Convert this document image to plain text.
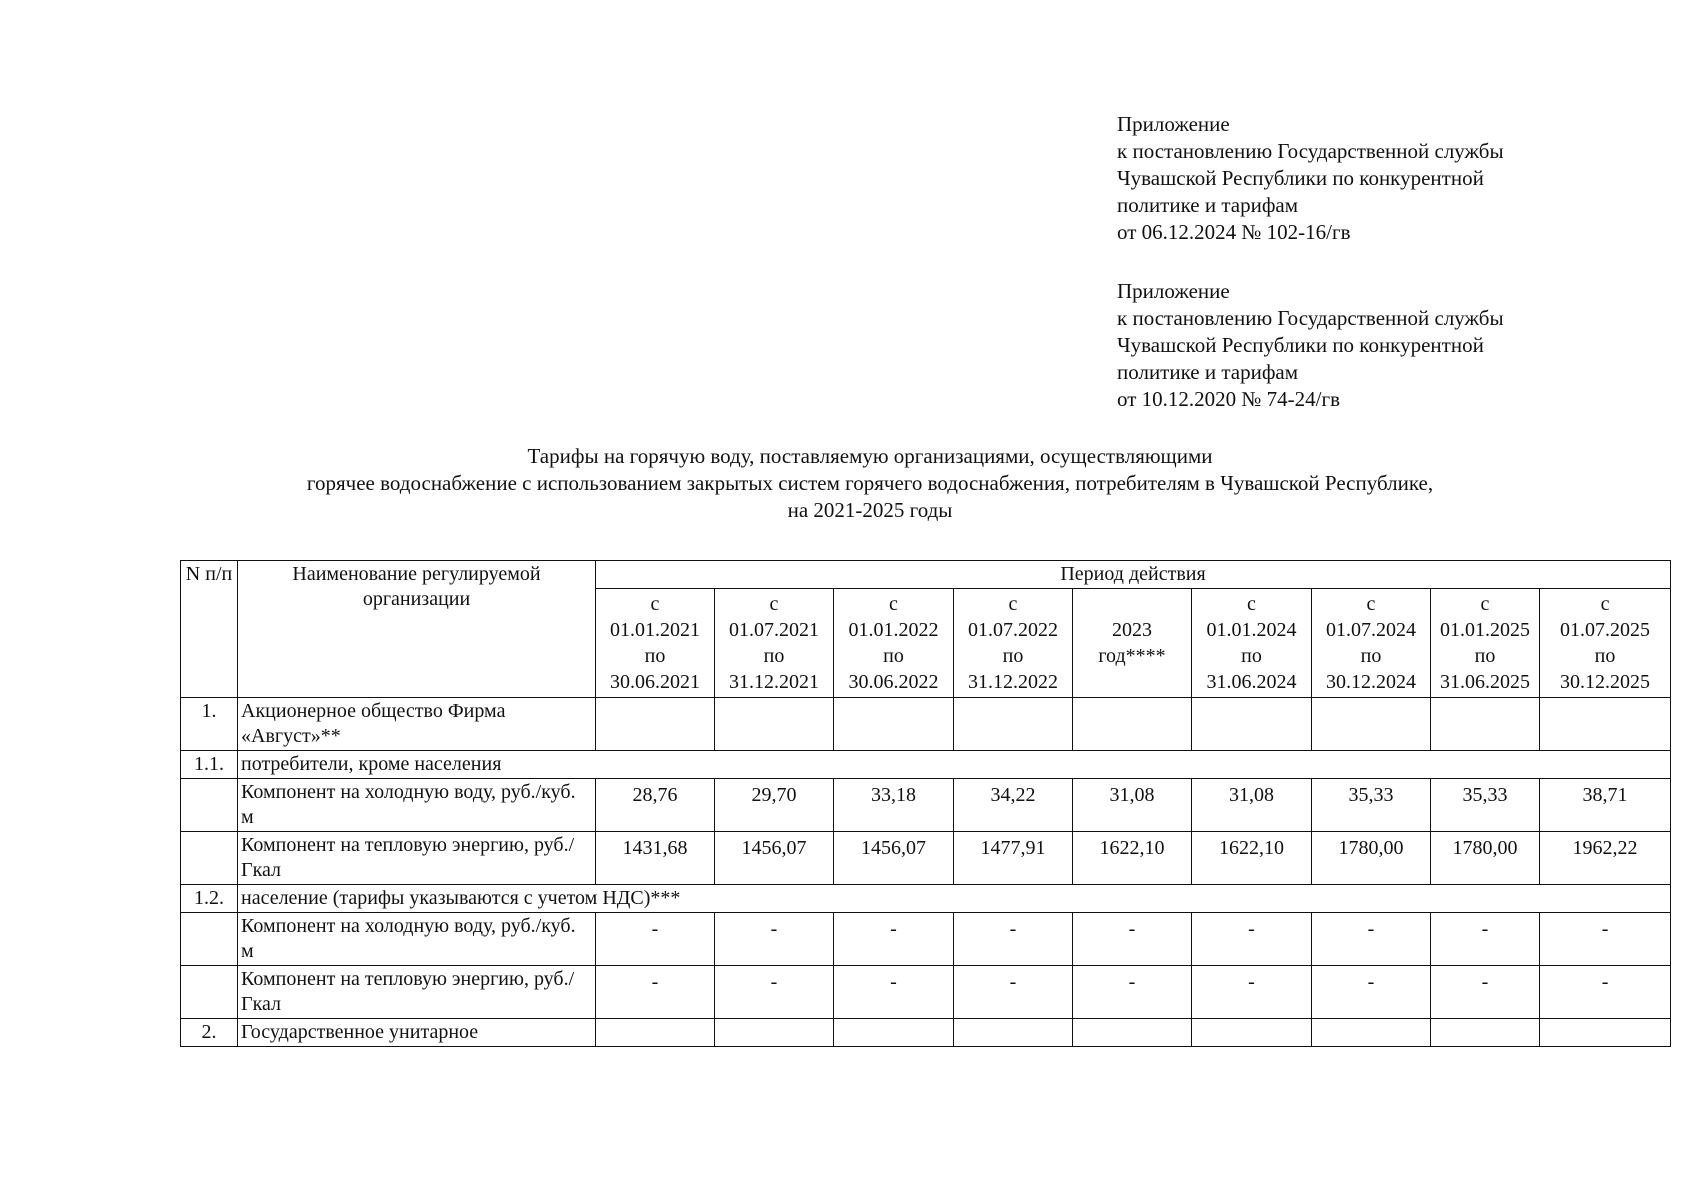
Приложение
к постановлению Государственной службы
Чувашской Республики по конкурентной
политике и тарифам
от 06.12.2024 № 102-16/гв
Приложение
к постановлению Государственной службы
Чувашской Республики по конкурентной
политике и тарифам
от 10.12.2020 № 74-24/гв
Тарифы на горячую воду, поставляемую организациями, осуществляющими
горячее водоснабжение с использованием закрытых систем горячего водоснабжения, потребителям в Чувашской Республике,
на 2021-2025 годы
N п/п	Наименование регулируемой организации	Период действия								

		с
01.01.2021
по
30.06.2021	с
01.07.2021
по
31.12.2021	с
01.01.2022
по
30.06.2022	с
01.07.2022
по
31.12.2022	2023
год****	с
01.01.2024
по
31.06.2024	с
01.07.2024
по
30.12.2024	с
01.01.2025
по
31.06.2025	с
01.07.2025
по
30.12.2025

1.	Акционерное общество Фирма «Август»**									
1.1.	потребители, кроме населения									
	Компонент на холодную воду, руб./куб. м	28,76	29,70	33,18	34,22	31,08	31,08	35,33	35,33	38,71
	Компонент на тепловую энергию, руб./Гкал	1431,68	1456,07	1456,07	1477,91	1622,10	1622,10	1780,00	1780,00	1962,22
1.2.	население (тарифы указываются с учетом НДС)***									
	Компонент на холодную воду, руб./куб. м	-	-	-	-	-	-	-	-	-
	Компонент на тепловую энергию, руб./Гкал	-	-	-	-	-	-	-	-	-
2.	Государственное унитарное									
